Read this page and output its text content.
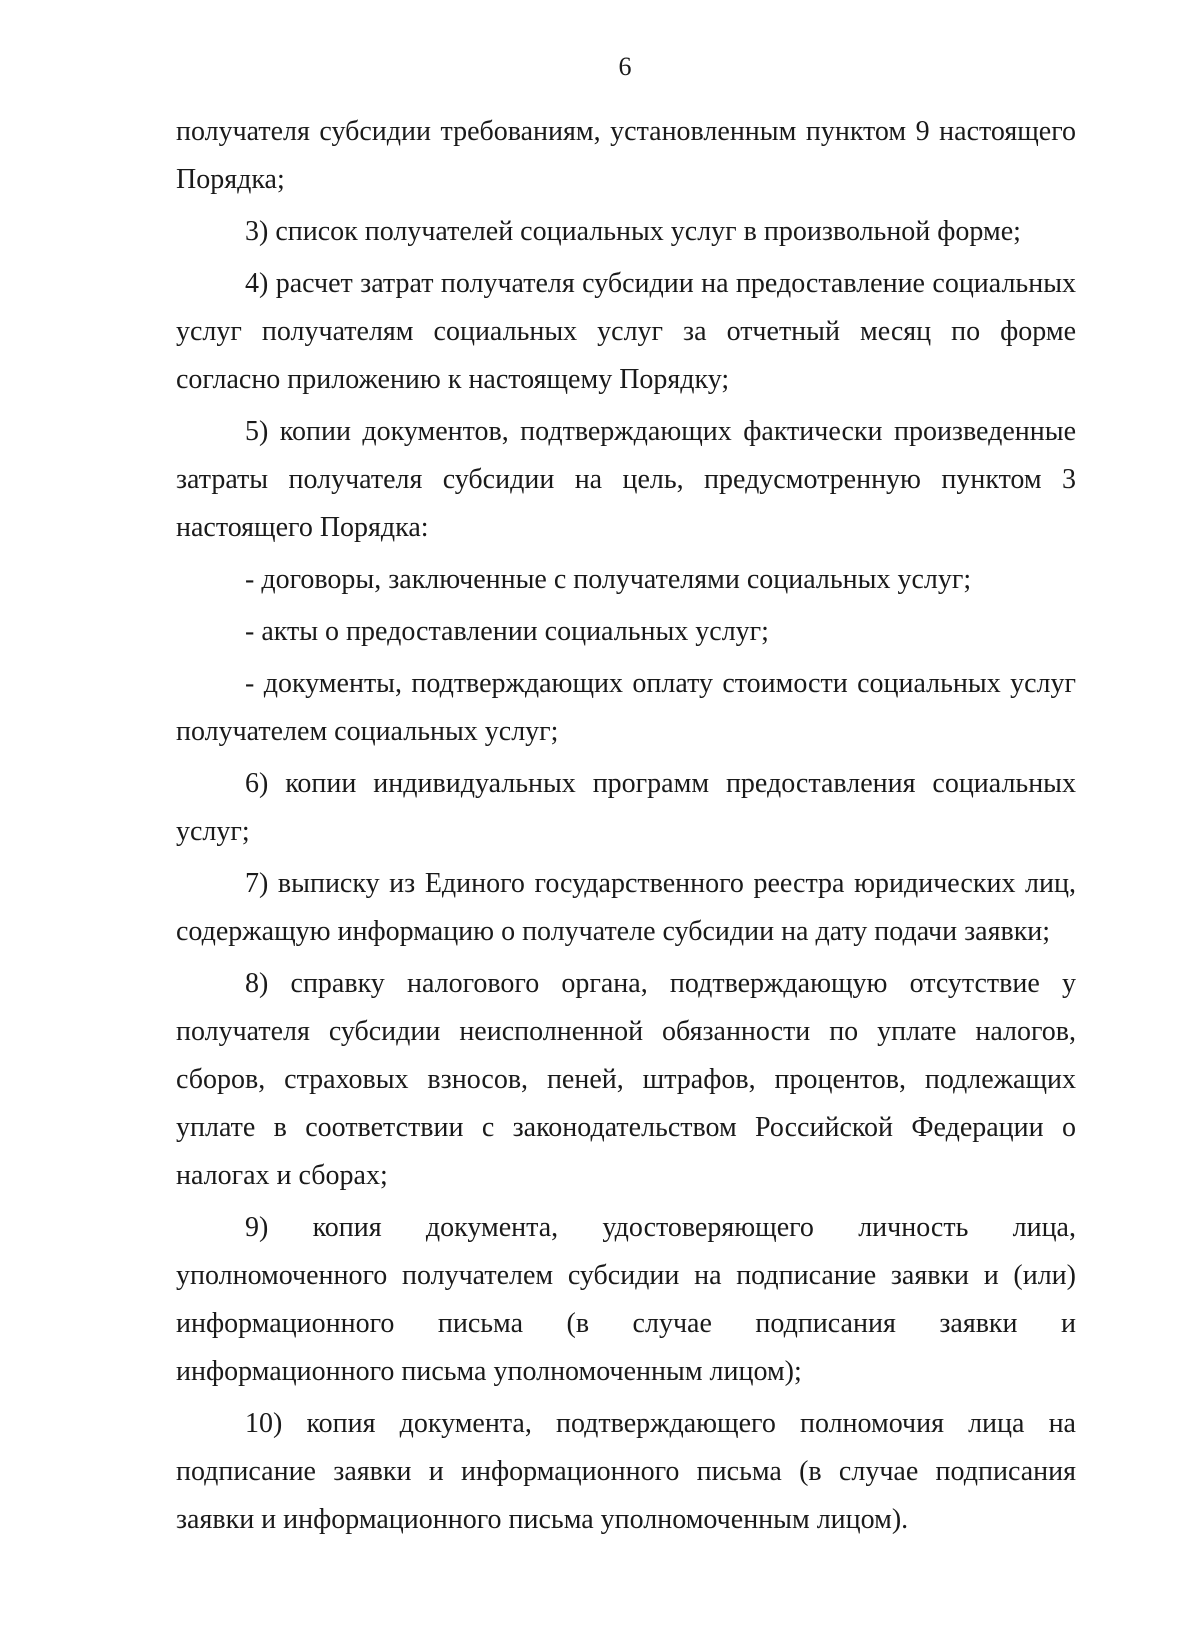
6

получателя субсидии требованиям, установленным пунктом 9 настоящего Порядка;

3) список получателей социальных услуг в произвольной форме;

4) расчет затрат получателя субсидии на предоставление социальных услуг получателям социальных услуг за отчетный месяц по форме согласно приложению к настоящему Порядку;

5) копии документов, подтверждающих фактически произведенные затраты получателя субсидии на цель, предусмотренную пунктом 3 настоящего Порядка:

- договоры, заключенные с получателями социальных услуг;

- акты о предоставлении социальных услуг;

- документы, подтверждающих оплату стоимости социальных услуг получателем социальных услуг;

6) копии индивидуальных программ предоставления социальных услуг;

7) выписку из Единого государственного реестра юридических лиц, содержащую информацию о получателе субсидии на дату подачи заявки;

8) справку налогового органа, подтверждающую отсутствие у получателя субсидии неисполненной обязанности по уплате налогов, сборов, страховых взносов, пеней, штрафов, процентов, подлежащих уплате в соответствии с законодательством Российской Федерации о налогах и сборах;

9) копия документа, удостоверяющего личность лица, уполномоченного получателем субсидии на подписание заявки и (или) информационного письма (в случае подписания заявки и информационного письма уполномоченным лицом);

10) копия документа, подтверждающего полномочия лица на подписание заявки и информационного письма (в случае подписания заявки и информационного письма уполномоченным лицом).
